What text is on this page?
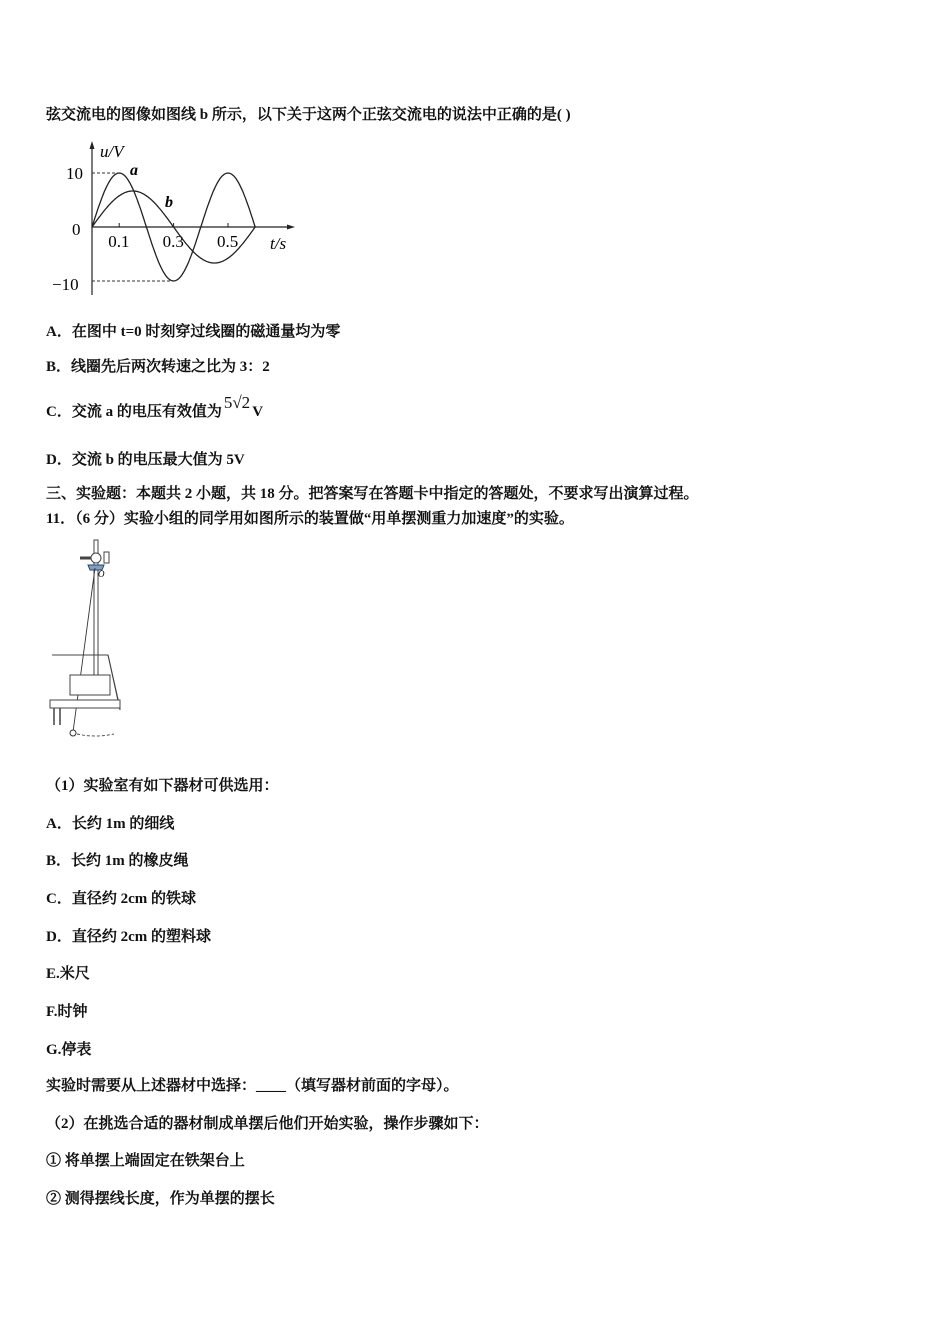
弦交流电的图像如图线 b 所示，以下关于这两个正弦交流电的说法中正确的是( )
u/V
t/s
10
0
−10
0.1 0.3 0.5
a
b
A．在图中 t=0 时刻穿过线圈的磁通量均为零
B．线圈先后两次转速之比为 3：2
C．交流 a 的电压有效值为 5√2 V
D．交流 b 的电压最大值为 5V
三、实验题：本题共 2 小题，共 18 分。把答案写在答题卡中指定的答题处，不要求写出演算过程。
11．（6 分）实验小组的同学用如图所示的装置做“用单摆测重力加速度”的实验。
O
（1）实验室有如下器材可供选用：
A．长约 1m 的细线
B．长约 1m 的橡皮绳
C．直径约 2cm 的铁球
D．直径约 2cm 的塑料球
E.米尺
F.时钟
G.停表
实验时需要从上述器材中选择：____（填写器材前面的字母）。
（2）在挑选合适的器材制成单摆后他们开始实验，操作步骤如下：
① 将单摆上端固定在铁架台上
② 测得摆线长度，作为单摆的摆长
